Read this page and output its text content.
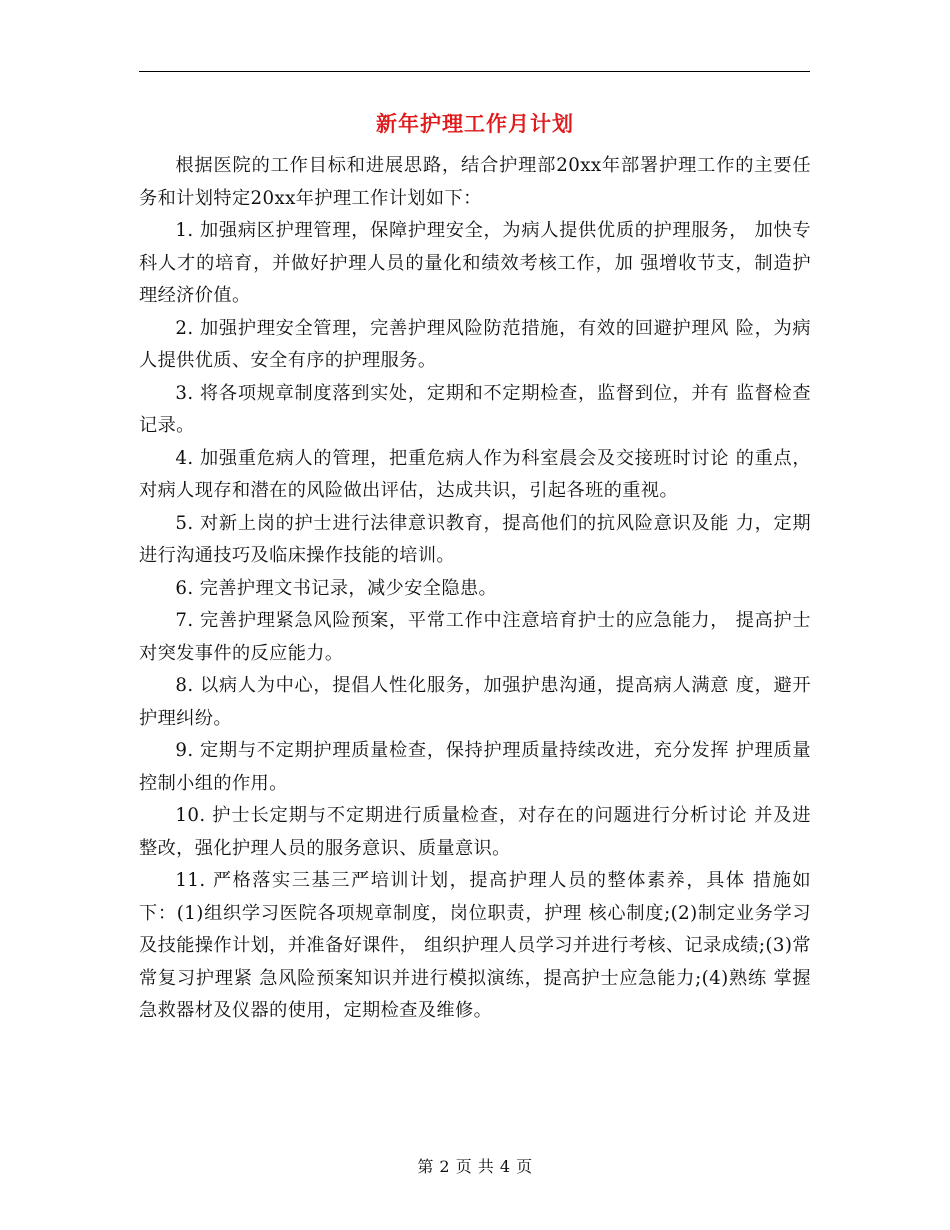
新年护理工作月计划

根据医院的工作目标和进展思路，结合护理部20xx年部署护理工作的主要任务和计划特定20xx年护理工作计划如下：

1. 加强病区护理管理，保障护理安全，为病人提供优质的护理服务， 加快专科人才的培育，并做好护理人员的量化和绩效考核工作，加 强增收节支，制造护理经济价值。

2. 加强护理安全管理，完善护理风险防范措施，有效的回避护理风 险，为病人提供优质、安全有序的护理服务。

3. 将各项规章制度落到实处，定期和不定期检查，监督到位，并有 监督检查记录。

4. 加强重危病人的管理，把重危病人作为科室晨会及交接班时讨论 的重点，对病人现存和潜在的风险做出评估，达成共识，引起各班的重视。

5. 对新上岗的护士进行法律意识教育，提高他们的抗风险意识及能 力，定期进行沟通技巧及临床操作技能的培训。

6. 完善护理文书记录，减少安全隐患。

7. 完善护理紧急风险预案，平常工作中注意培育护士的应急能力， 提高护士对突发事件的反应能力。

8. 以病人为中心，提倡人性化服务，加强护患沟通，提高病人满意 度，避开护理纠纷。

9. 定期与不定期护理质量检查，保持护理质量持续改进，充分发挥 护理质量控制小组的作用。

10. 护士长定期与不定期进行质量检查，对存在的问题进行分析讨论 并及进整改，强化护理人员的服务意识、质量意识。

11. 严格落实三基三严培训计划，提高护理人员的整体素养，具体 措施如下：(1)组织学习医院各项规章制度，岗位职责，护理 核心制度;(2)制定业务学习及技能操作计划，并准备好课件， 组织护理人员学习并进行考核、记录成绩;(3)常常复习护理紧 急风险预案知识并进行模拟演练，提高护士应急能力;(4)熟练 掌握急救器材及仪器的使用，定期检查及维修。

第 2 页 共 4 页
